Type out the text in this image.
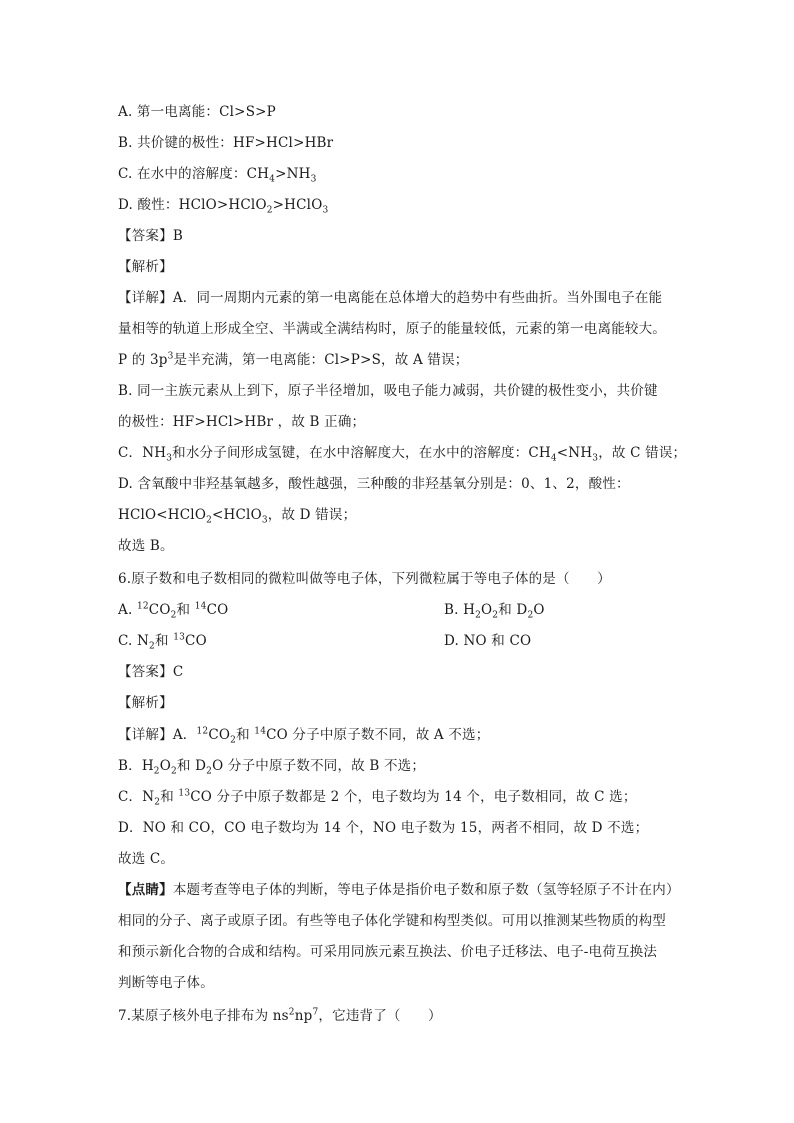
A. 第一电离能：Cl>S>P
B. 共价键的极性：HF>HCl>HBr
C. 在水中的溶解度：$CH_4>NH_3$
D. 酸性：HClO>HClO$_2$>HClO$_3$
【答案】B
【解析】
【详解】A．同一周期内元素的第一电离能在总体增大的趋势中有些曲折。当外围电子在能
量相等的轨道上形成全空、半满或全满结构时，原子的能量较低，元素的第一电离能较大。
P 的 $3p^3$是半充满，第一电离能：Cl>P>S，故 A 错误；
B. 同一主族元素从上到下，原子半径增加，吸电子能力减弱，共价键的极性变小，共价键
的极性：HF>HCl>HBr ，故 B 正确；
C．$NH_3$和水分子间形成氢键，在水中溶解度大，在水中的溶解度：$CH_4<NH_3$，故 C 错误；
D. 含氧酸中非羟基氧越多，酸性越强，三种酸的非羟基氧分别是：0、1、2，酸性：
HClO<HClO$_2$<HClO$_3$，故 D 错误；
故选 B。
6.原子数和电子数相同的微粒叫做等电子体，下列微粒属于等电子体的是（　　）
A. $^{12}CO_2$和 $^{14}$CO	B. $H_2O_2$和 $D_2O$
C. $N_2$和 $^{13}$CO	D. NO 和 CO
【答案】C
【解析】
【详解】A．$^{12}CO_2$和 $^{14}$CO 分子中原子数不同，故 A 不选；
B．$H_2O_2$和 $D_2O$ 分子中原子数不同，故 B 不选；
C．$N_2$和 $^{13}$CO 分子中原子数都是 2 个，电子数均为 14 个，电子数相同，故 C 选；
D．NO 和 CO，CO 电子数均为 14 个，NO 电子数为 15，两者不相同，故 D 不选；
故选 C。
【点睛】本题考查等电子体的判断，等电子体是指价电子数和原子数（氢等轻原子不计在内）
相同的分子、离子或原子团。有些等电子体化学键和构型类似。可用以推测某些物质的构型
和预示新化合物的合成和结构。可采用同族元素互换法、价电子迁移法、电子-电荷互换法
判断等电子体。
7.某原子核外电子排布为 $ns^2np^7$，它违背了（　　）
